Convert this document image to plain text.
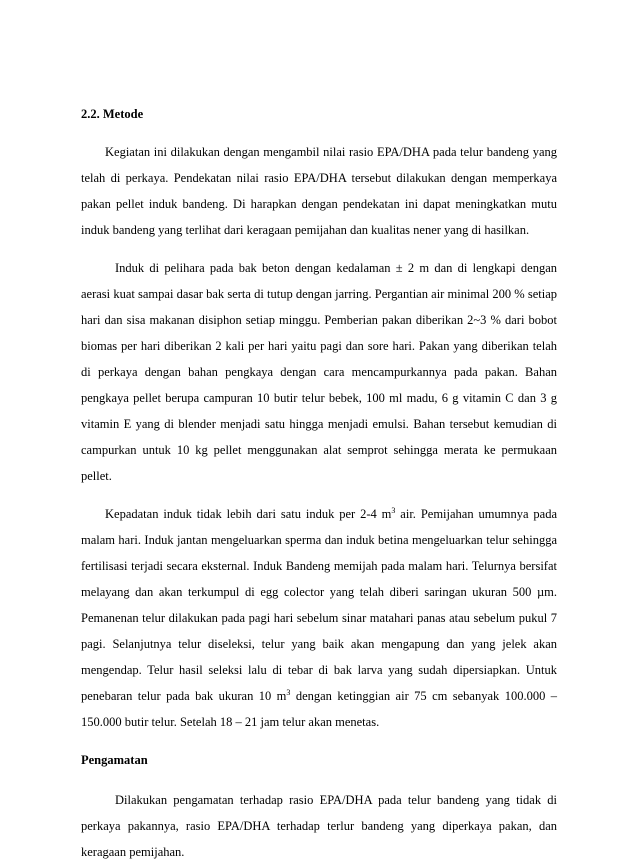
2.2. Metode

Kegiatan ini dilakukan dengan mengambil nilai rasio EPA/DHA pada telur bandeng yang telah di perkaya. Pendekatan nilai rasio EPA/DHA tersebut dilakukan dengan memperkaya pakan pellet induk bandeng. Di harapkan dengan pendekatan ini dapat meningkatkan mutu induk bandeng yang terlihat dari keragaan pemijahan dan kualitas nener yang di hasilkan.

Induk di pelihara pada bak beton dengan kedalaman ± 2 m dan di lengkapi dengan aerasi kuat sampai dasar bak serta di tutup dengan jarring. Pergantian air minimal 200 % setiap hari dan sisa makanan disiphon setiap minggu. Pemberian pakan diberikan 2~3 % dari bobot biomas per hari diberikan 2 kali per hari yaitu pagi dan sore hari. Pakan yang diberikan telah di perkaya dengan bahan pengkaya dengan cara mencampurkannya pada pakan. Bahan pengkaya pellet berupa campuran 10 butir telur bebek, 100 ml madu, 6 g vitamin C dan 3 g vitamin E yang di blender menjadi satu hingga menjadi emulsi. Bahan tersebut kemudian di campurkan untuk 10 kg pellet menggunakan alat semprot sehingga merata ke permukaan pellet.

Kepadatan induk tidak lebih dari satu induk per 2-4 $m^3$ air. Pemijahan umumnya pada malam hari. Induk jantan mengeluarkan sperma dan induk betina mengeluarkan telur sehingga fertilisasi terjadi secara eksternal. Induk Bandeng memijah pada malam hari. Telurnya bersifat melayang dan akan terkumpul di egg colector yang telah diberi saringan ukuran 500 µm. Pemanenan telur dilakukan pada pagi hari sebelum sinar matahari panas atau sebelum pukul 7 pagi. Selanjutnya telur diseleksi, telur yang baik akan mengapung dan yang jelek akan mengendap. Telur hasil seleksi lalu di tebar di bak larva yang sudah dipersiapkan. Untuk penebaran telur pada bak ukuran 10 $m^3$ dengan ketinggian air 75 cm sebanyak 100.000 – 150.000 butir telur. Setelah 18 – 21 jam telur akan menetas.

Pengamatan

Dilakukan pengamatan terhadap rasio EPA/DHA pada telur bandeng yang tidak di perkaya pakannya, rasio EPA/DHA terhadap terlur bandeng yang diperkaya pakan, dan keragaan pemijahan.
